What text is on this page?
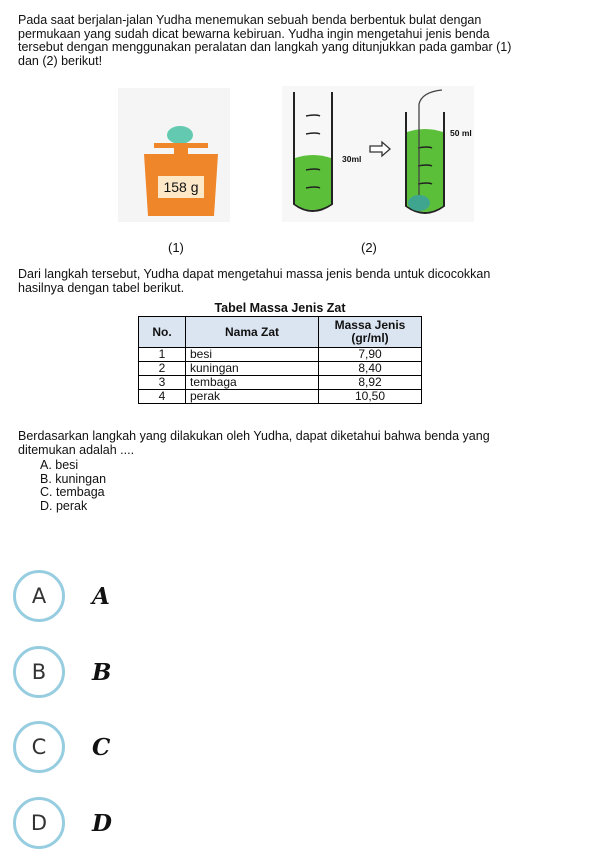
Pada saat berjalan-jalan Yudha menemukan sebuah benda berbentuk bulat dengan
permukaan yang sudah dicat bewarna kebiruan. Yudha ingin mengetahui jenis benda
tersebut dengan menggunakan peralatan dan langkah yang ditunjukkan pada gambar (1)
dan (2) berikut!
158 g
30ml
50 ml
(1)	(2)
Dari langkah tersebut, Yudha dapat mengetahui massa jenis benda untuk dicocokkan
hasilnya dengan tabel berikut.
Tabel Massa Jenis Zat
No.	Nama Zat	Massa Jenis
(gr/ml)

1	besi	7,90
2	kuningan	8,40
3	tembaga	8,92
4	perak	10,50
Berdasarkan langkah yang dilakukan oleh Yudha, dapat diketahui bahwa benda yang
ditemukan adalah ....
A. besi
B. kuningan
C. tembaga
D. perak
A	A
B	B
C	C
D	D
